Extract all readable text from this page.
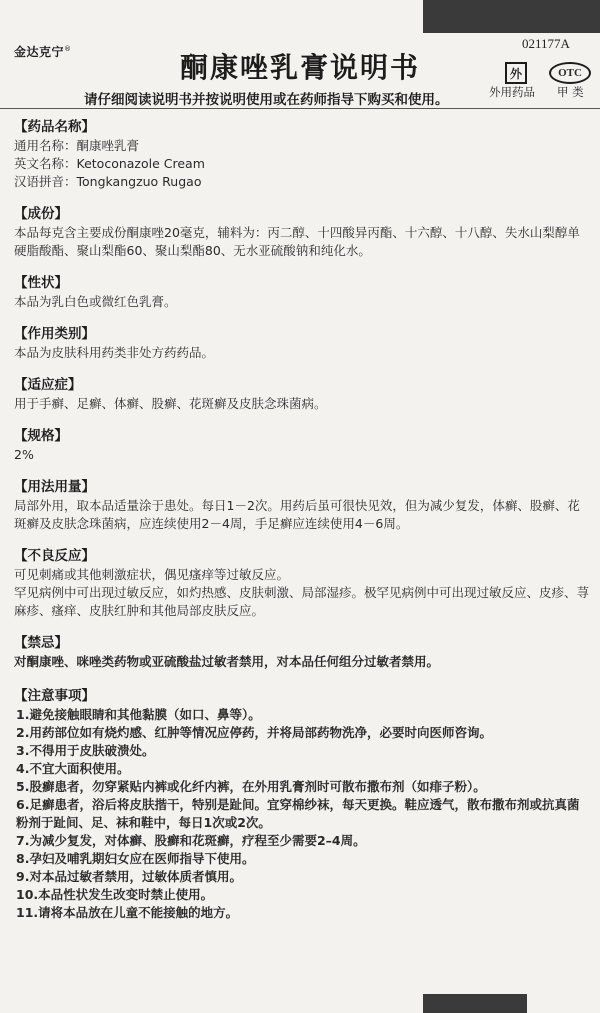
021177A
金达克宁®
酮康唑乳膏说明书
请仔细阅读说明书并按说明使用或在药师指导下购买和使用。
外	OTC
外用药品 甲 类

【药品名称】

通用名称： 酮康唑乳膏
英文名称： Ketoconazole Cream
汉语拼音： Tongkangzuo Rugao

【成份】

本品每克含主要成份酮康唑20毫克，辅料为：丙二醇、十四酸异丙酯、十六醇、十八醇、失水山梨醇单硬脂酸酯、聚山梨酯60、聚山梨酯80、无水亚硫酸钠和纯化水。

【性状】

本品为乳白色或微红色乳膏。

【作用类别】

本品为皮肤科用药类非处方药药品。

【适应症】

用于手癣、足癣、体癣、股癣、花斑癣及皮肤念珠菌病。

【规格】

2%

【用法用量】

局部外用，取本品适量涂于患处。每日1－2次。用药后虽可很快见效，但为减少复发，体癣、股癣、花斑癣及皮肤念珠菌病，应连续使用2－4周，手足癣应连续使用4－6周。

【不良反应】

可见刺痛或其他刺激症状，偶见瘙痒等过敏反应。

罕见病例中可出现过敏反应，如灼热感、皮肤刺激、局部湿疹。极罕见病例中可出现过敏反应、皮疹、荨麻疹、瘙痒、皮肤红肿和其他局部皮肤反应。

【禁忌】

对酮康唑、咪唑类药物或亚硫酸盐过敏者禁用，对本品任何组分过敏者禁用。

【注意事项】

1.避免接触眼睛和其他黏膜（如口、鼻等）。
2.用药部位如有烧灼感、红肿等情况应停药，并将局部药物洗净，必要时向医师咨询。
3.不得用于皮肤破溃处。
4.不宜大面积使用。
5.股癣患者，勿穿紧贴内裤或化纤内裤，在外用乳膏剂时可散布撒布剂（如痱子粉）。
6.足癣患者，浴后将皮肤揩干，特别是趾间。宜穿棉纱袜，每天更换。鞋应透气，散布撒布剂或抗真菌粉剂于趾间、足、袜和鞋中，每日1次或2次。
7.为减少复发，对体癣、股癣和花斑癣，疗程至少需要2–4周。
8.孕妇及哺乳期妇女应在医师指导下使用。
9.对本品过敏者禁用，过敏体质者慎用。
10.本品性状发生改变时禁止使用。
11.请将本品放在儿童不能接触的地方。
